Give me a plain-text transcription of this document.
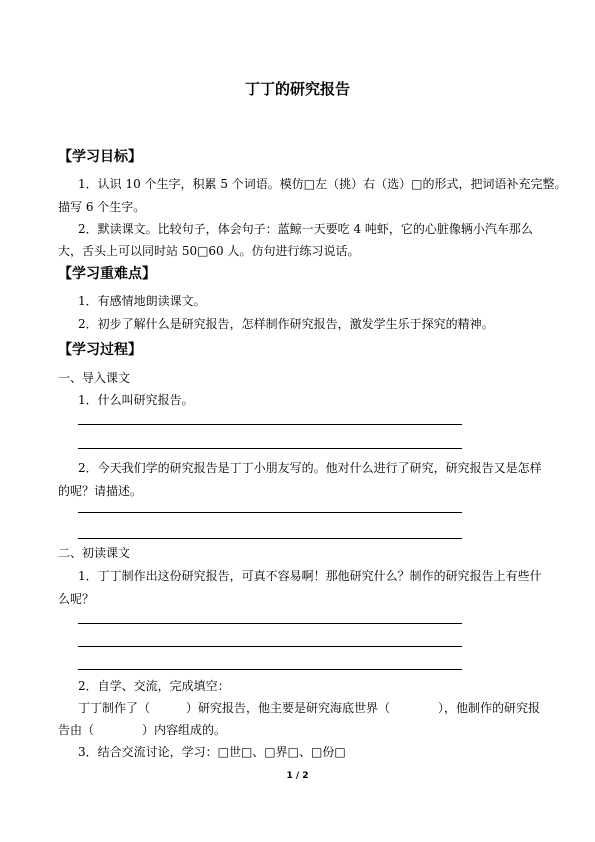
丁丁的研究报告
【学习目标】
1．认识 10 个生字，积累 5 个词语。模仿□左（挑）右（选）□的形式，把词语补充完整。
描写 6 个生字。
2．默读课文。比较句子，体会句子：蓝鲸一天要吃 4 吨虾，它的心脏像辆小汽车那么
大，舌头上可以同时站 50□60 人。仿句进行练习说话。
【学习重难点】
1．有感情地朗读课文。
2．初步了解什么是研究报告，怎样制作研究报告，激发学生乐于探究的精神。
【学习过程】
一、导入课文
1．什么叫研究报告。
2．今天我们学的研究报告是丁丁小朋友写的。他对什么进行了研究，研究报告又是怎样
的呢？请描述。
二、初读课文
1．丁丁制作出这份研究报告，可真不容易啊！那他研究什么？制作的研究报告上有些什
么呢？
2．自学、交流，完成填空：
丁丁制作了（　　　）研究报告，他主要是研究海底世界（　　　　），他制作的研究报
告由（　　　　）内容组成的。
3．结合交流讨论，学习：□世□、□界□、□份□
1 / 2
